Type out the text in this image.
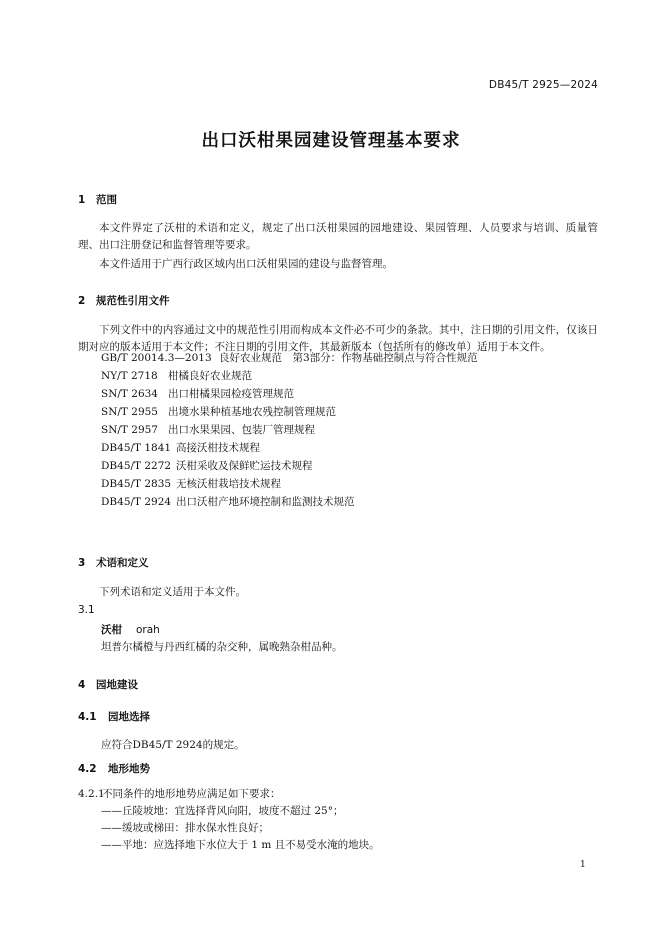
DB45/T 2925—2024
出口沃柑果园建设管理基本要求
1 范围
本文件界定了沃柑的术语和定义，规定了出口沃柑果园的园地建设、果园管理、人员要求与培训、质量管理、出口注册登记和监督管理等要求。
本文件适用于广西行政区域内出口沃柑果园的建设与监督管理。
2 规范性引用文件
下列文件中的内容通过文中的规范性引用而构成本文件必不可少的条款。其中，注日期的引用文件，仅该日期对应的版本适用于本文件；不注日期的引用文件，其最新版本（包括所有的修改单）适用于本文件。
GB/T 20014.3—2013 良好农业规范　第3部分：作物基础控制点与符合性规范
NY/T 2718 柑橘良好农业规范
SN/T 2634 出口柑橘果园检疫管理规范
SN/T 2955 出境水果种植基地农残控制管理规范
SN/T 2957 出口水果果园、包装厂管理规程
DB45/T 1841 高接沃柑技术规程
DB45/T 2272 沃柑采收及保鲜贮运技术规程
DB45/T 2835 无核沃柑栽培技术规程
DB45/T 2924 出口沃柑产地环境控制和监测技术规范
3 术语和定义
下列术语和定义适用于本文件。
3.1
沃柑 orah
坦普尔橘橙与丹西红橘的杂交种，属晚熟杂柑品种。
4 园地建设
4.1 园地选择
应符合DB45/T 2924的规定。
4.2 地形地势
4.2.1不同条件的地形地势应满足如下要求：
——丘陵坡地：宜选择背风向阳，坡度不超过 25°；
——缓坡或梯田：排水保水性良好；
——平地：应选择地下水位大于 1 m 且不易受水淹的地块。
1
